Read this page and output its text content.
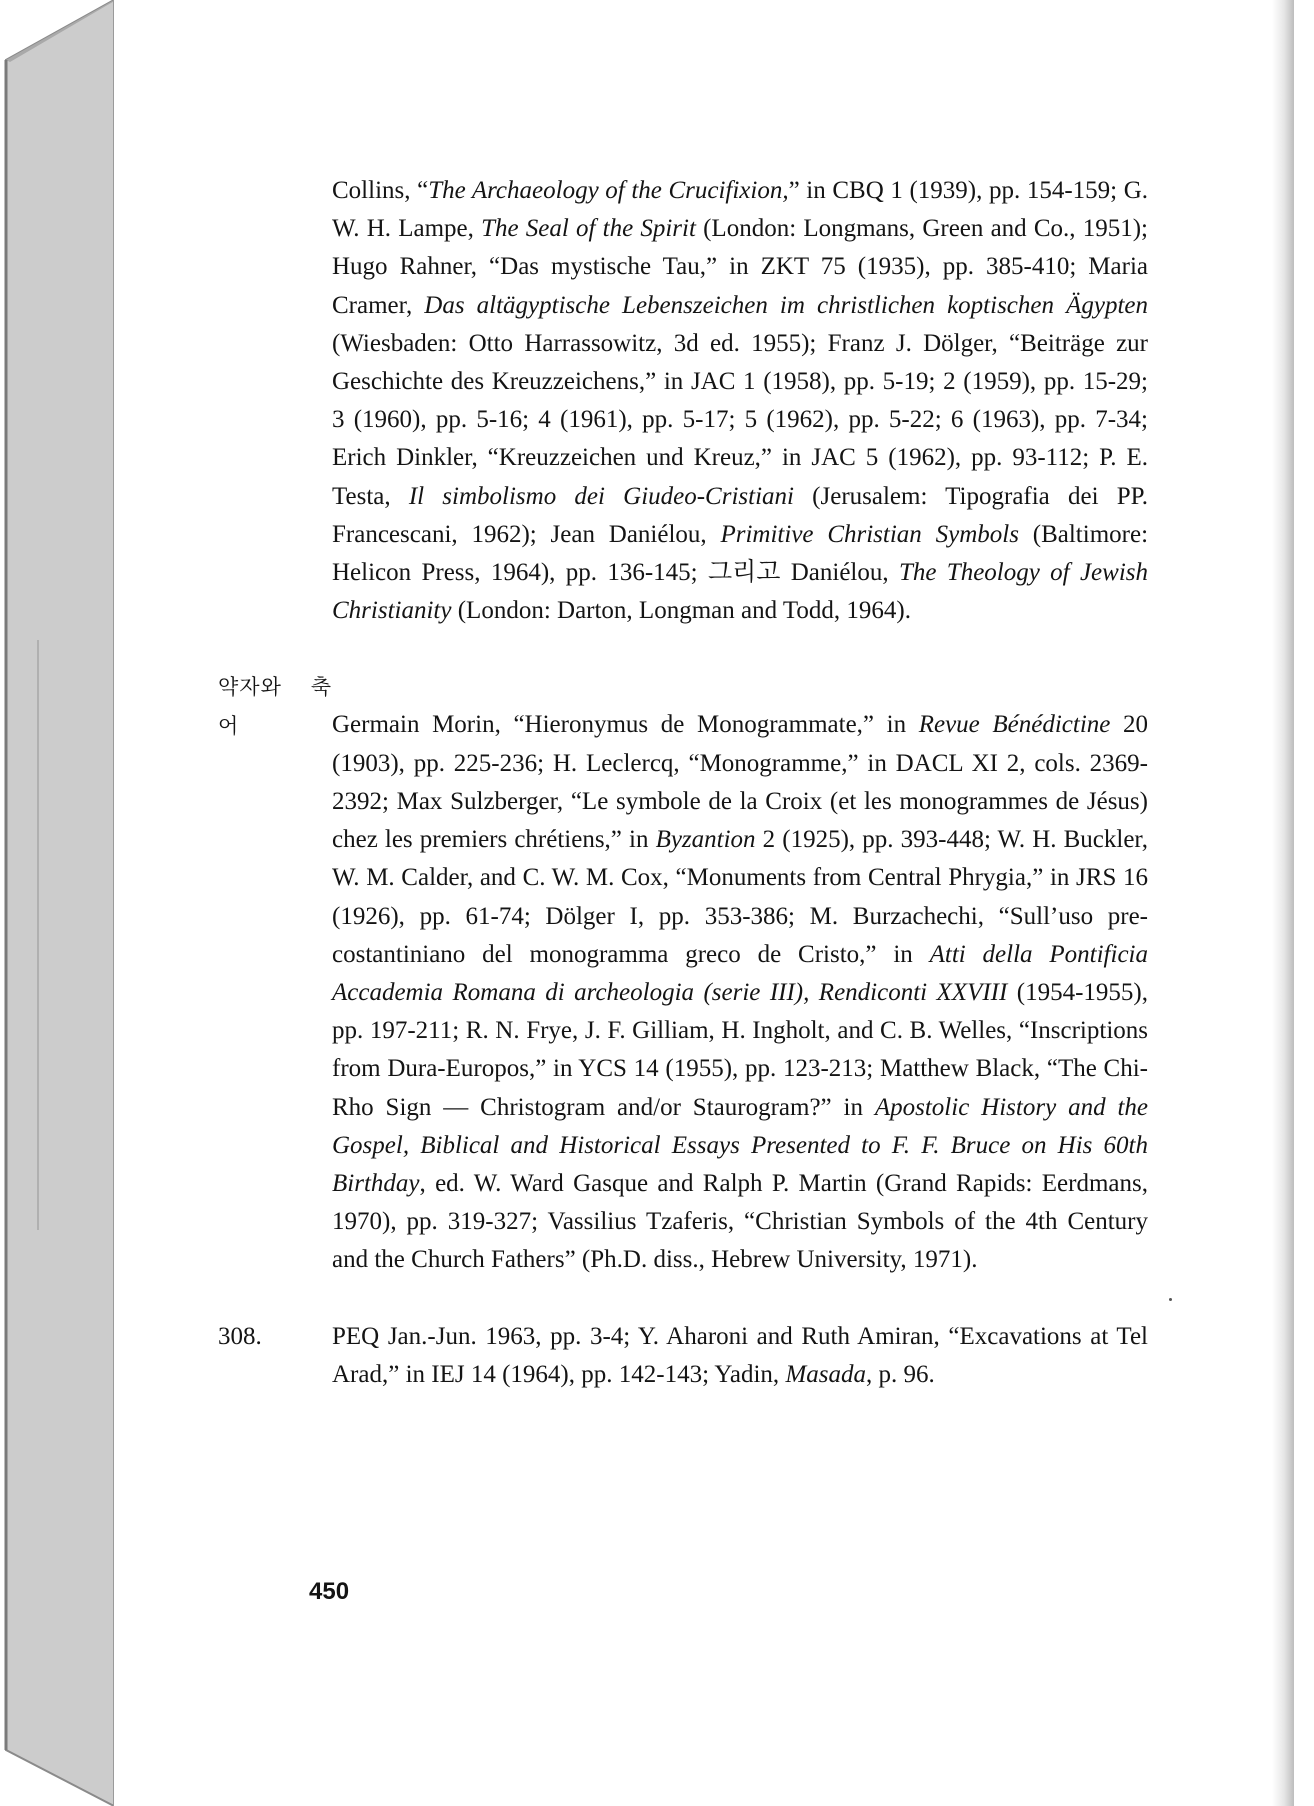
Collins, “The Archaeology of the Crucifixion,” in CBQ 1 (1939), pp. 154-159; G. W. H. Lampe, The Seal of the Spirit (London: Longmans, Green and Co., 1951); Hugo Rahner, “Das mystische Tau,” in ZKT 75 (1935), pp. 385-410; Maria Cramer, Das altägyptische Lebenszeichen im christlichen koptischen Ägypten (Wiesbaden: Otto Harrassowitz, 3d ed. 1955); Franz J. Dölger, “Beiträge zur Geschichte des Kreuzzeichens,” in JAC 1 (1958), pp. 5-19; 2 (1959), pp. 15-29; 3 (1960), pp. 5-16; 4 (1961), pp. 5-17; 5 (1962), pp. 5-22; 6 (1963), pp. 7-34; Erich Dinkler, “Kreuzzeichen und Kreuz,” in JAC 5 (1962), pp. 93-112; P. E. Testa, Il simbolismo dei Giudeo-Cristiani (Jerusalem: Tipografia dei PP. Francescani, 1962); Jean Daniélou, Primitive Christian Symbols (Baltimore: Helicon Press, 1964), pp. 136-145; 그리고 Daniélou, The Theology of Jewish Christianity (London: Darton, Longman and Todd, 1964).

약자와 축어	Germain Morin, “Hieronymus de Monogrammate,” in Revue Bénédictine 20 (1903), pp. 225-236; H. Leclercq, “Monogramme,” in DACL XI 2, cols. 2369-2392; Max Sulzberger, “Le symbole de la Croix (et les monogrammes de Jésus) chez les premiers chrétiens,” in Byzantion 2 (1925), pp. 393-448; W. H. Buckler, W. M. Calder, and C. W. M. Cox, “Monuments from Central Phrygia,” in JRS 16 (1926), pp. 61-74; Dölger I, pp. 353-386; M. Burzachechi, “Sull’uso pre-costantiniano del monogramma greco de Cristo,” in Atti della Pontificia Accademia Romana di archeologia (serie III), Rendiconti XXVIII (1954-1955), pp. 197-211; R. N. Frye, J. F. Gilliam, H. Ingholt, and C. B. Welles, “Inscriptions from Dura-Europos,” in YCS 14 (1955), pp. 123-213; Matthew Black, “The Chi-Rho Sign — Christogram and/or Staurogram?” in Apostolic History and the Gospel, Biblical and Historical Essays Presented to F. F. Bruce on His 60th Birthday, ed. W. Ward Gasque and Ralph P. Martin (Grand Rapids: Eerdmans, 1970), pp. 319-327; Vassilius Tzaferis, “Christian Symbols of the 4th Century and the Church Fathers” (Ph.D. diss., Hebrew University, 1971).

308.	PEQ Jan.-Jun. 1963, pp. 3-4; Y. Aharoni and Ruth Amiran, “Excavations at Tel Arad,” in IEJ 14 (1964), pp. 142-143; Yadin, Masada, p. 96.

450
